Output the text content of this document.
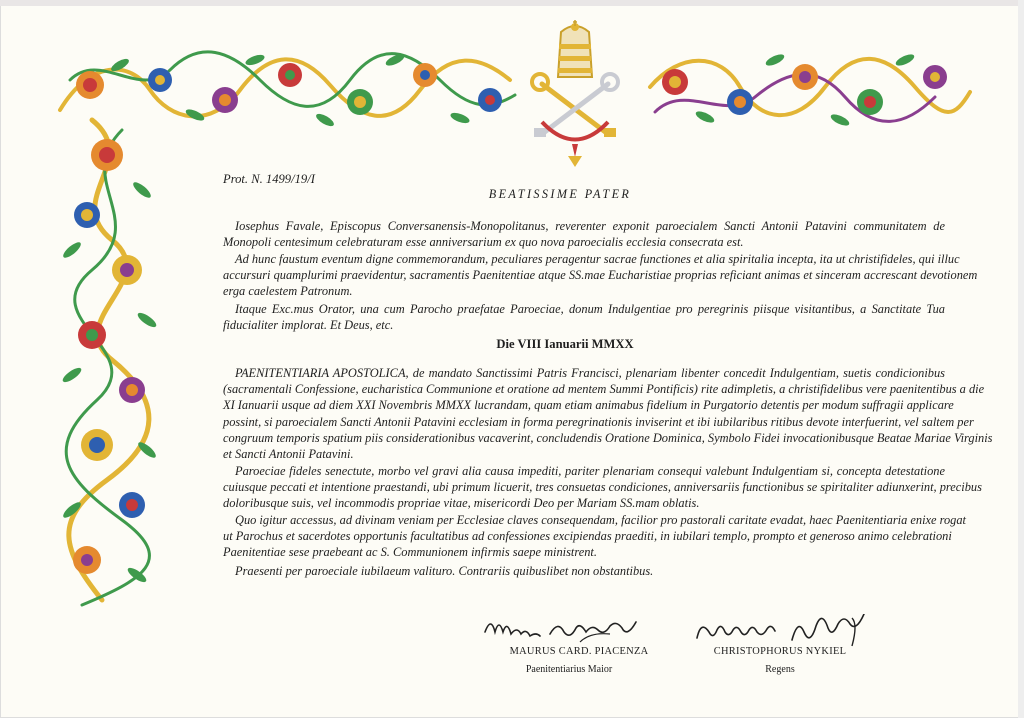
Prot. N. 1499/19/I
BEATISSIME PATER
Iosephus Favale, Episcopus Conversanensis-Monopolitanus, reverenter exponit paroecialem Sancti Antonii Patavini communitatem de
Monopoli centesimum celebraturam esse anniversarium ex quo nova paroecialis ecclesia consecrata est.
Ad hunc faustum eventum digne commemorandum, peculiares peragentur sacrae functiones et alia spiritalia incepta, ita ut christifideles, qui illuc
accursuri quamplurimi praevidentur, sacramentis Paenitentiae atque SS.mae Eucharistiae proprias reficiant animas et sinceram accrescant devotionem
erga caelestem Patronum.
Itaque Exc.mus Orator, una cum Parocho praefatae Paroeciae, donum Indulgentiae pro peregrinis piisque visitantibus, a Sanctitate Tua
fiducialiter implorat. Et Deus, etc.
Die VIII Ianuarii MMXX
PAENITENTIARIA APOSTOLICA, de mandato Sanctissimi Patris Francisci, plenariam libenter concedit Indulgentiam, suetis condicionibus
(sacramentali Confessione, eucharistica Communione et oratione ad mentem Summi Pontificis) rite adimpletis, a christifidelibus vere paenitentibus a die
XI Ianuarii usque ad diem XXI Novembris MMXX lucrandam, quam etiam animabus fidelium in Purgatorio detentis per modum suffragii applicare
possint, si paroecialem Sancti Antonii Patavini ecclesiam in forma peregrinationis inviserint et ibi iubilaribus ritibus devote interfuerint, vel saltem per
congruum temporis spatium piis considerationibus vacaverint, concludendis Oratione Dominica, Symbolo Fidei invocationibusque Beatae Mariae Virginis
et Sancti Antonii Patavini.
Paroeciae fideles senectute, morbo vel gravi alia causa impediti, pariter plenariam consequi valebunt Indulgentiam si, concepta detestatione
cuiusque peccati et intentione praestandi, ubi primum licuerit, tres consuetas condiciones, anniversariis functionibus se spiritaliter adiunxerint, precibus
doloribusque suis, vel incommodis propriae vitae, misericordi Deo per Mariam SS.mam oblatis.
Quo igitur accessus, ad divinam veniam per Ecclesiae claves consequendam, facilior pro pastorali caritate evadat, haec Paenitentiaria enixe rogat
ut Parochus et sacerdotes opportunis facultatibus ad confessiones excipiendas praediti, in iubilari templo, prompto et generoso animo celebrationi
Paenitentiae sese praebeant ac S. Communionem infirmis saepe ministrent.
Praesenti per paroeciale iubilaeum valituro. Contrariis quibuslibet non obstantibus.
MAURUS CARD. PIACENZA
Paenitentiarius Maior
CHRISTOPHORUS NYKIEL
Regens
